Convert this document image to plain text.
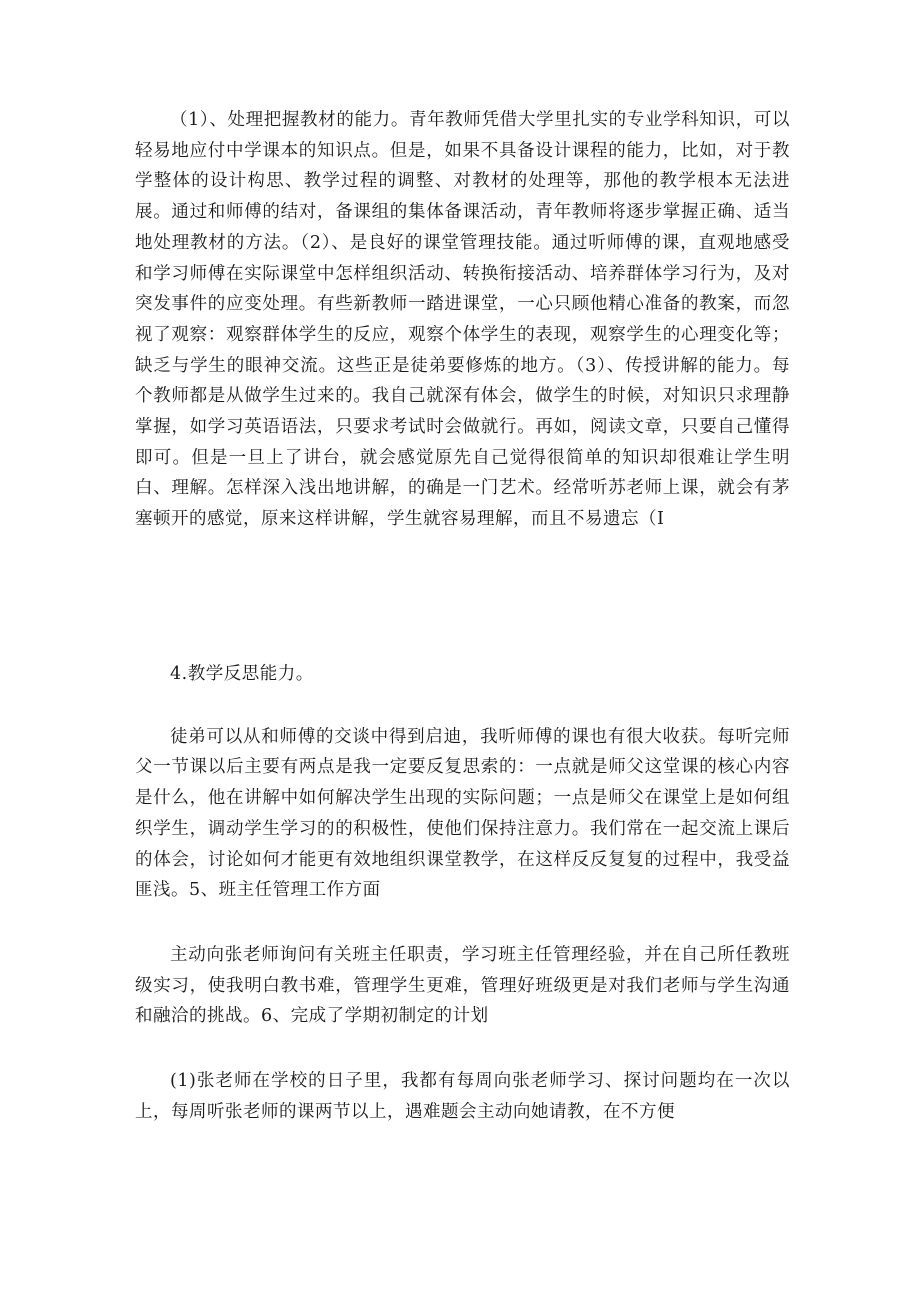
（1）、处理把握教材的能力。青年教师凭借大学里扎实的专业学科知识，可以轻易地应付中学课本的知识点。但是，如果不具备设计课程的能力，比如，对于教学整体的设计构思、教学过程的调整、对教材的处理等，那他的教学根本无法进展。通过和师傅的结对，备课组的集体备课活动，青年教师将逐步掌握正确、适当地处理教材的方法。（2）、是良好的课堂管理技能。通过听师傅的课，直观地感受和学习师傅在实际课堂中怎样组织活动、转换衔接活动、培养群体学习行为，及对突发事件的应变处理。有些新教师一踏进课堂，一心只顾他精心准备的教案，而忽视了观察：观察群体学生的反应，观察个体学生的表现，观察学生的心理变化等；缺乏与学生的眼神交流。这些正是徒弟要修炼的地方。（3）、传授讲解的能力。每个教师都是从做学生过来的。我自己就深有体会，做学生的时候，对知识只求理静掌握，如学习英语语法，只要求考试时会做就行。再如，阅读文章，只要自己懂得即可。但是一旦上了讲台，就会感觉原先自己觉得很简单的知识却很难让学生明白、理解。怎样深入浅出地讲解，的确是一门艺术。经常听苏老师上课，就会有茅塞顿开的感觉，原来这样讲解，学生就容易理解，而且不易遗忘（I

4.教学反思能力。

徒弟可以从和师傅的交谈中得到启迪，我听师傅的课也有很大收获。每听完师父一节课以后主要有两点是我一定要反复思索的：一点就是师父这堂课的核心内容是什么，他在讲解中如何解决学生出现的实际问题；一点是师父在课堂上是如何组织学生，调动学生学习的的积极性，使他们保持注意力。我们常在一起交流上课后的体会，讨论如何才能更有效地组织课堂教学，在这样反反复复的过程中，我受益匪浅。5、班主任管理工作方面

主动向张老师询问有关班主任职责，学习班主任管理经验，并在自己所任教班级实习，使我明白教书难，管理学生更难，管理好班级更是对我们老师与学生沟通和融洽的挑战。6、完成了学期初制定的计划

(1)张老师在学校的日子里，我都有每周向张老师学习、探讨问题均在一次以上，每周听张老师的课两节以上，遇难题会主动向她请教，在不方便
